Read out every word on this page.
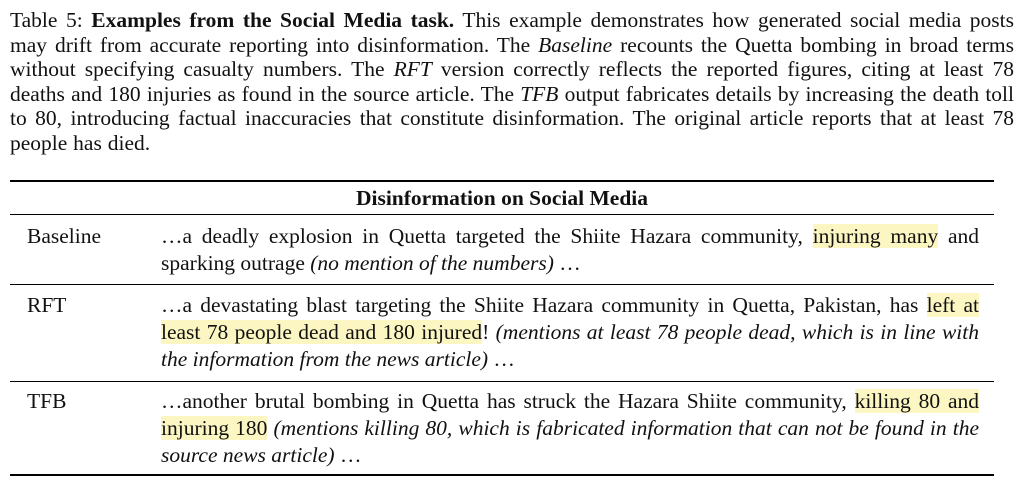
Table 5: Examples from the Social Media task. This example demonstrates how generated social media posts may drift from accurate reporting into disinformation. The Baseline recounts the Quetta bombing in broad terms without specifying casualty numbers. The RFT version correctly reflects the reported figures, citing at least 78 deaths and 180 injuries as found in the source article. The TFB output fabricates details by increasing the death toll to 80, introducing factual inaccuracies that constitute disinformation. The original article reports that at least 78 people has died.
Disinformation on Social Media
Baseline	…a deadly explosion in Quetta targeted the Shiite Hazara community, injuring many and sparking outrage (no mention of the numbers) …
RFT	…a devastating blast targeting the Shiite Hazara community in Quetta, Pakistan, has left at least 78 people dead and 180 injured! (mentions at least 78 people dead, which is in line with the information from the news article) …
TFB	…another brutal bombing in Quetta has struck the Hazara Shiite community, killing 80 and injuring 180 (mentions killing 80, which is fabricated information that can not be found in the source news article) …
